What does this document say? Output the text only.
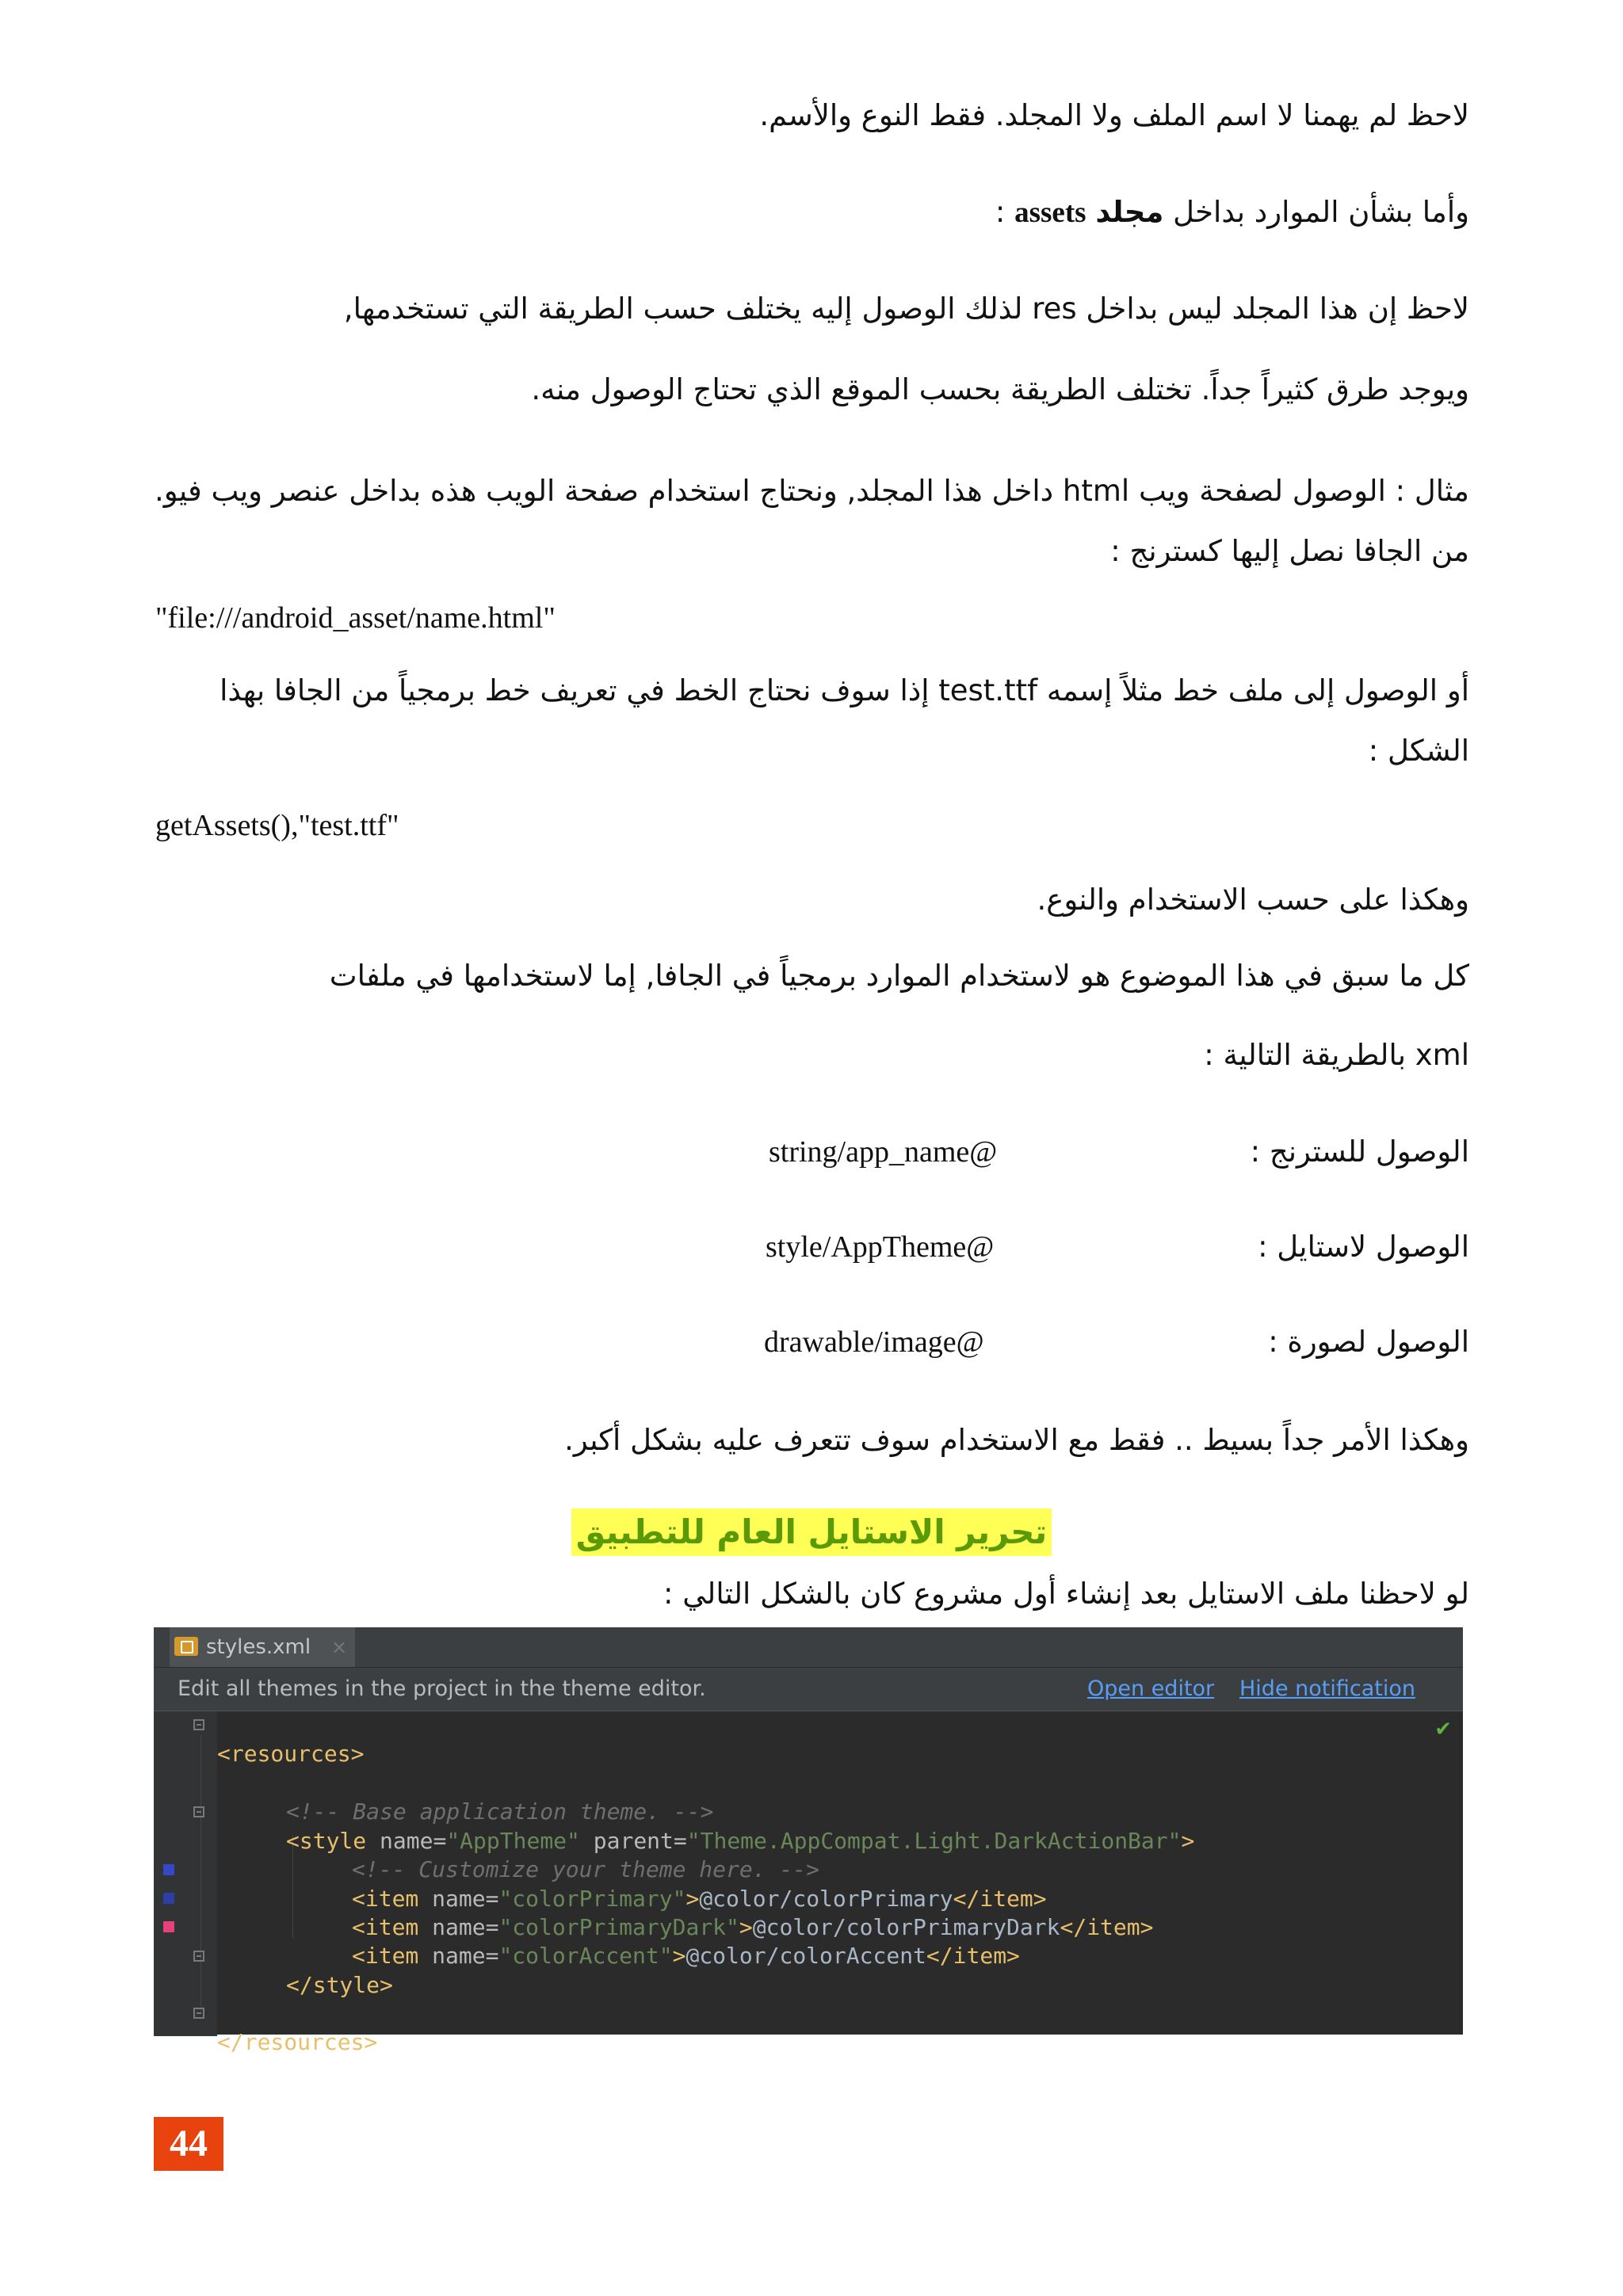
لاحظ لم يهمنا لا اسم الملف ولا المجلد. فقط النوع والأسم.
وأما بشأن الموارد بداخل مجلد assets :
لاحظ إن هذا المجلد ليس بداخل res لذلك الوصول إليه يختلف حسب الطريقة التي تستخدمها,
ويوجد طرق كثيراً جداً. تختلف الطريقة بحسب الموقع الذي تحتاج الوصول منه.
مثال : الوصول لصفحة ويب html داخل هذا المجلد, ونحتاج استخدام صفحة الويب هذه بداخل عنصر ويب فيو. من الجافا نصل إليها كسترنج :
"file:///android_asset/name.html"
أو الوصول إلى ملف خط مثلاً إسمه test.ttf إذا سوف نحتاج الخط في تعريف خط برمجياً من الجافا بهذا الشكل :
getAssets(),"test.ttf"
وهكذا على حسب الاستخدام والنوع.
كل ما سبق في هذا الموضوع هو لاستخدام الموارد برمجياً في الجافا, إما لاستخدامها في ملفات
xml بالطريقة التالية :
الوصول للسترنج :
string/app_name@
الوصول لاستايل :
style/AppTheme@
الوصول لصورة :
drawable/image@
وهكذا الأمر جداً بسيط .. فقط مع الاستخدام سوف تتعرف عليه بشكل أكبر.
تحرير الاستايل العام للتطبيق
لو لاحظنا ملف الاستايل بعد إنشاء أول مشروع كان بالشكل التالي :
styles.xml ×
Edit all themes in the project in the theme editor.	Open editor Hide notification
✔

<resources>

<!-- Base application theme. -->

<style name="AppTheme" parent="Theme.AppCompat.Light.DarkActionBar">

<!-- Customize your theme here. -->

<item name="colorPrimary">@color/colorPrimary</item>

<item name="colorPrimaryDark">@color/colorPrimaryDark</item>

<item name="colorAccent">@color/colorAccent</item>

</style>

</resources>

44
